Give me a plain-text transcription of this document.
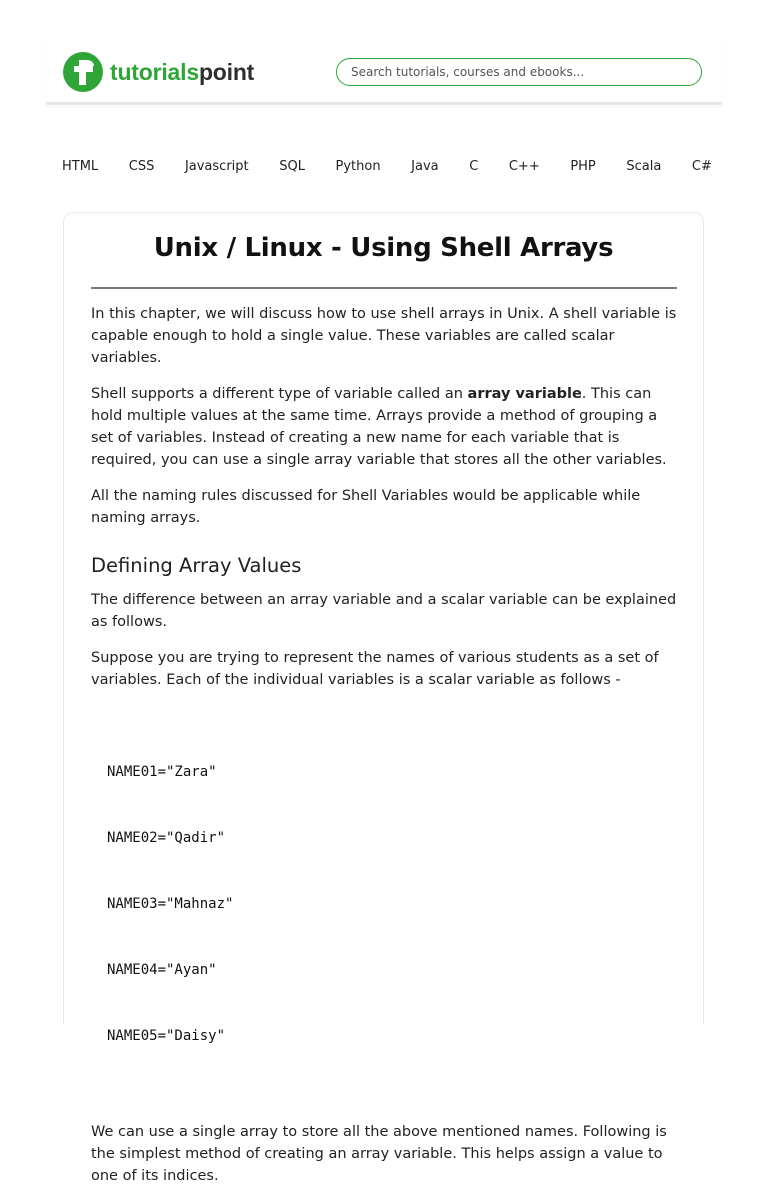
tutorialspoint
Search tutorials, courses and ebooks...
HTML CSS Javascript SQL Python Java C C++ PHP Scala C#
Unix / Linux - Using Shell Arrays

In this chapter, we will discuss how to use shell arrays in Unix. A shell variable is capable enough to hold a single value. These variables are called scalar variables.

Shell supports a different type of variable called an array variable. This can hold multiple values at the same time. Arrays provide a method of grouping a set of variables. Instead of creating a new name for each variable that is required, you can use a single array variable that stores all the other variables.

All the naming rules discussed for Shell Variables would be applicable while naming arrays.

Defining Array Values

The difference between an array variable and a scalar variable can be explained as follows.

Suppose you are trying to represent the names of various students as a set of variables. Each of the individual variables is a scalar variable as follows -

NAME01="Zara"

NAME02="Qadir"

NAME03="Mahnaz"

NAME04="Ayan"

NAME05="Daisy"

We can use a single array to store all the above mentioned names. Following is the simplest method of creating an array variable. This helps assign a value to one of its indices.
